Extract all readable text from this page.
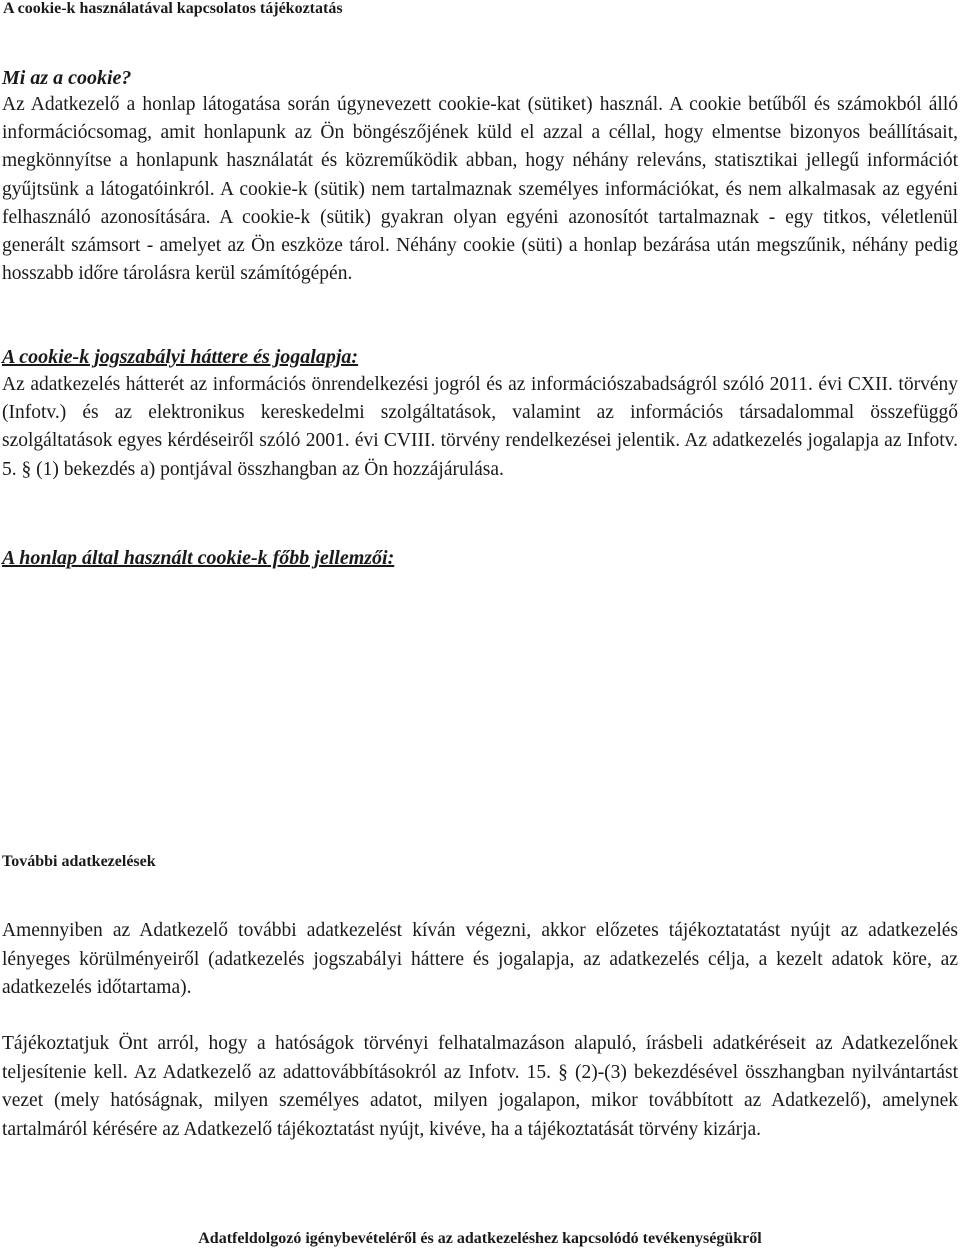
A cookie-k használatával kapcsolatos tájékoztatás
Mi az a cookie?

Az Adatkezelő a honlap látogatása során úgynevezett cookie-kat (sütiket) használ. A cookie betűből és számokból álló információcsomag, amit honlapunk az Ön böngészőjének küld el azzal a céllal, hogy elmentse bizonyos beállításait, megkönnyítse a honlapunk használatát és közreműködik abban, hogy néhány releváns, statisztikai jellegű információt gyűjtsünk a látogatóinkról. A cookie-k (sütik) nem tartalmaznak személyes információkat, és nem alkalmasak az egyéni felhasználó azonosítására. A cookie-k (sütik) gyakran olyan egyéni azonosítót tartalmaznak - egy titkos, véletlenül generált számsort - amelyet az Ön eszköze tárol. Néhány cookie (süti) a honlap bezárása után megszűnik, néhány pedig hosszabb időre tárolásra kerül számítógépén.

A cookie-k jogszabályi háttere és jogalapja:

Az adatkezelés hátterét az információs önrendelkezési jogról és az információszabadságról szóló 2011. évi CXII. törvény (Infotv.) és az elektronikus kereskedelmi szolgáltatások, valamint az információs társadalommal összefüggő szolgáltatások egyes kérdéseiről szóló 2001. évi CVIII. törvény rendelkezései jelentik. Az adatkezelés jogalapja az Infotv. 5. § (1) bekezdés a) pontjával összhangban az Ön hozzájárulása.

A honlap által használt cookie-k főbb jellemzői:
További adatkezelések

Amennyiben az Adatkezelő további adatkezelést kíván végezni, akkor előzetes tájékoztatatást nyújt az adatkezelés lényeges körülményeiről (adatkezelés jogszabályi háttere és jogalapja, az adatkezelés célja, a kezelt adatok köre, az adatkezelés időtartama).

Tájékoztatjuk Önt arról, hogy a hatóságok törvényi felhatalmazáson alapuló, írásbeli adatkéréseit az Adatkezelőnek teljesítenie kell. Az Adatkezelő az adattovábbításokról az Infotv. 15. § (2)-(3) bekezdésével összhangban nyilvántartást vezet (mely hatóságnak, milyen személyes adatot, milyen jogalapon, mikor továbbított az Adatkezelő), amelynek tartalmáról kérésére az Adatkezelő tájékoztatást nyújt, kivéve, ha a tájékoztatását törvény kizárja.

Adatfeldolgozó igénybevételéről és az adatkezeléshez kapcsolódó tevékenységükről
